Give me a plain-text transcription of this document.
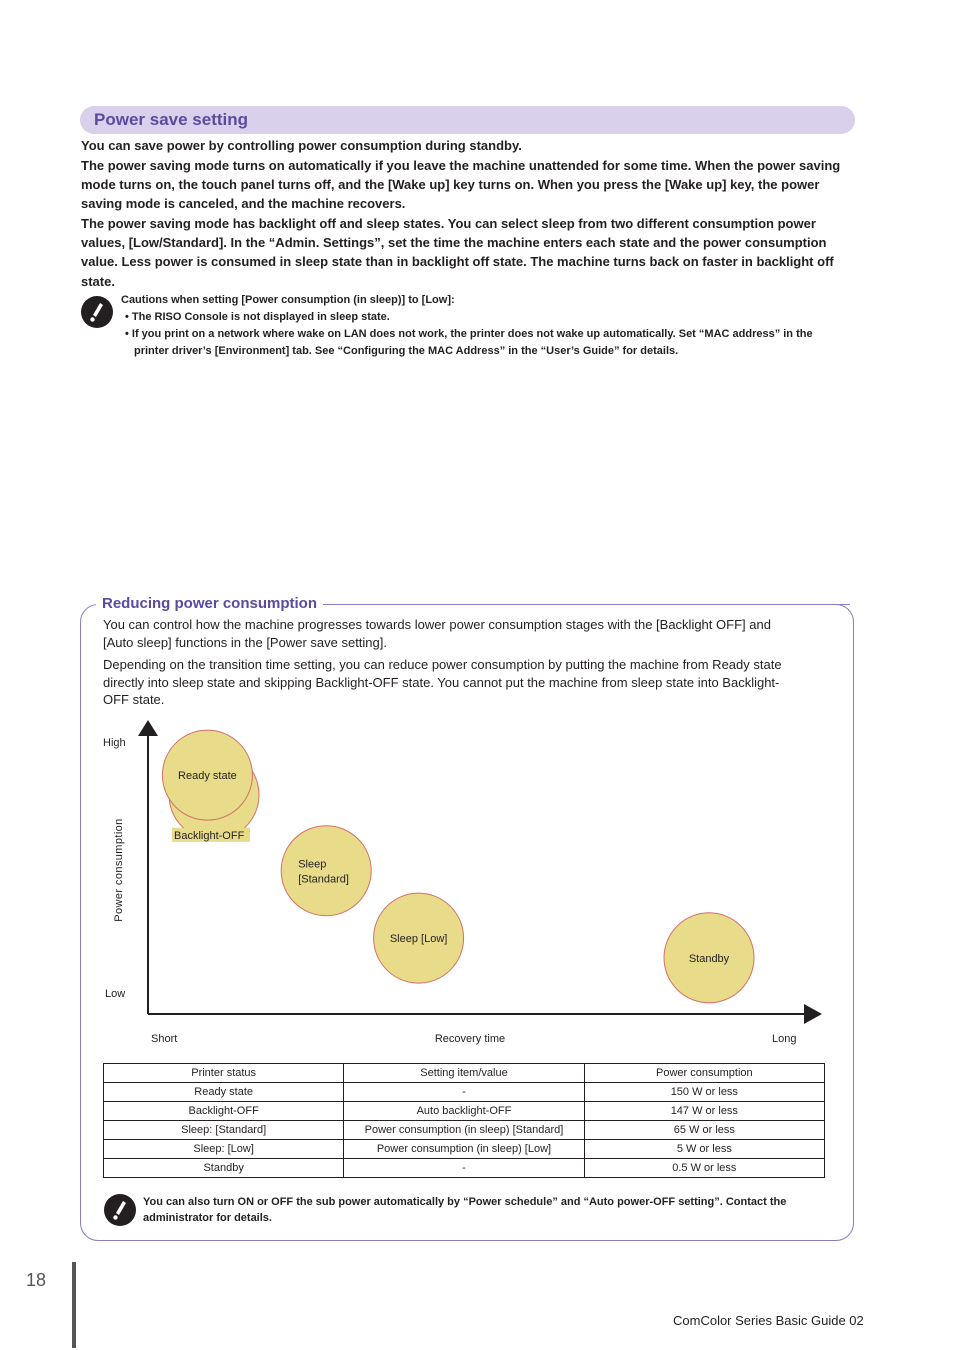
Power save setting
You can save power by controlling power consumption during standby.
The power saving mode turns on automatically if you leave the machine unattended for some time. When the power saving
mode turns on, the touch panel turns off, and the [Wake up] key turns on. When you press the [Wake up] key, the power
saving mode is canceled, and the machine recovers.
The power saving mode has backlight off and sleep states. You can select sleep from two different consumption power
values, [Low/Standard]. In the “Admin. Settings”, set the time the machine enters each state and the power consumption
value. Less power is consumed in sleep state than in backlight off state. The machine turns back on faster in backlight off
state.
Cautions when setting [Power consumption (in sleep)] to [Low]:
• The RISO Console is not displayed in sleep state.
• If you print on a network where wake on LAN does not work, the printer does not wake up automatically. Set “MAC address” in the
printer driver’s [Environment] tab. See “Configuring the MAC Address” in the “User’s Guide” for details.
Reducing power consumption
You can control how the machine progresses towards lower power consumption stages with the [Backlight OFF] and
[Auto sleep] functions in the [Power save setting].
Depending on the transition time setting, you can reduce power consumption by putting the machine from Ready state
directly into sleep state and skipping Backlight-OFF state. You cannot put the machine from sleep state into Backlight-
OFF state.
High
Low
Power consumption
Short	Recovery time	Long
Backlight-OFF
Ready state
Sleep [Standard]
Sleep [Low]
Standby
Printer status	Setting item/value	Power consumption
Ready state	-	150 W or less
Backlight-OFF	Auto backlight-OFF	147 W or less
Sleep: [Standard]	Power consumption (in sleep) [Standard]	65 W or less
Sleep: [Low]	Power consumption (in sleep) [Low]	5 W or less
Standby	-	0.5 W or less
You can also turn ON or OFF the sub power automatically by “Power schedule” and “Auto power-OFF setting”. Contact the
administrator for details.
18
ComColor Series Basic Guide 02
